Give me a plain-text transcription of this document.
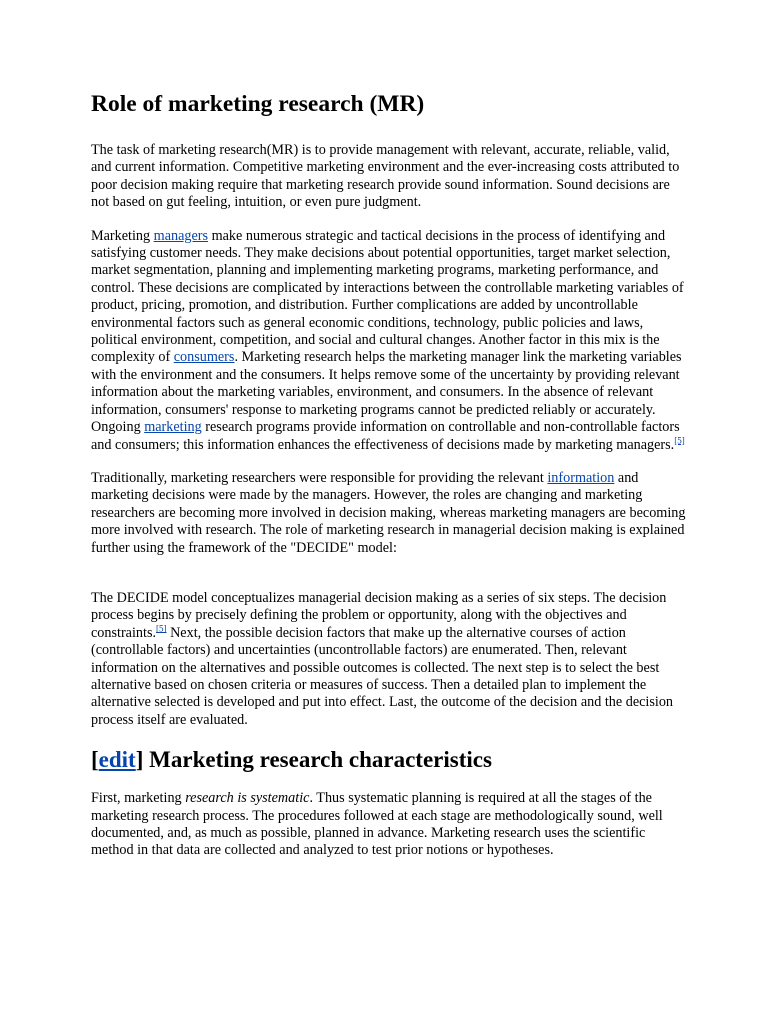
Role of marketing research (MR)

The task of marketing research(MR) is to provide management with relevant, accurate, reliable, valid, and current information. Competitive marketing environment and the ever-increasing costs attributed to poor decision making require that marketing research provide sound information. Sound decisions are not based on gut feeling, intuition, or even pure judgment.

Marketing managers make numerous strategic and tactical decisions in the process of identifying and satisfying customer needs. They make decisions about potential opportunities, target market selection, market segmentation, planning and implementing marketing programs, marketing performance, and control. These decisions are complicated by interactions between the controllable marketing variables of product, pricing, promotion, and distribution. Further complications are added by uncontrollable environmental factors such as general economic conditions, technology, public policies and laws, political environment, competition, and social and cultural changes. Another factor in this mix is the complexity of consumers. Marketing research helps the marketing manager link the marketing variables with the environment and the consumers. It helps remove some of the uncertainty by providing relevant information about the marketing variables, environment, and consumers. In the absence of relevant information, consumers' response to marketing programs cannot be predicted reliably or accurately. Ongoing marketing research programs provide information on controllable and non-controllable factors and consumers; this information enhances the effectiveness of decisions made by marketing managers.[5]

Traditionally, marketing researchers were responsible for providing the relevant information and marketing decisions were made by the managers. However, the roles are changing and marketing researchers are becoming more involved in decision making, whereas marketing managers are becoming more involved with research. The role of marketing research in managerial decision making is explained further using the framework of the "DECIDE" model:

The DECIDE model conceptualizes managerial decision making as a series of six steps. The decision process begins by precisely defining the problem or opportunity, along with the objectives and constraints.[5] Next, the possible decision factors that make up the alternative courses of action (controllable factors) and uncertainties (uncontrollable factors) are enumerated. Then, relevant information on the alternatives and possible outcomes is collected. The next step is to select the best alternative based on chosen criteria or measures of success. Then a detailed plan to implement the alternative selected is developed and put into effect. Last, the outcome of the decision and the decision process itself are evaluated.

[edit] Marketing research characteristics

First, marketing research is systematic. Thus systematic planning is required at all the stages of the marketing research process. The procedures followed at each stage are methodologically sound, well documented, and, as much as possible, planned in advance. Marketing research uses the scientific method in that data are collected and analyzed to test prior notions or hypotheses.
